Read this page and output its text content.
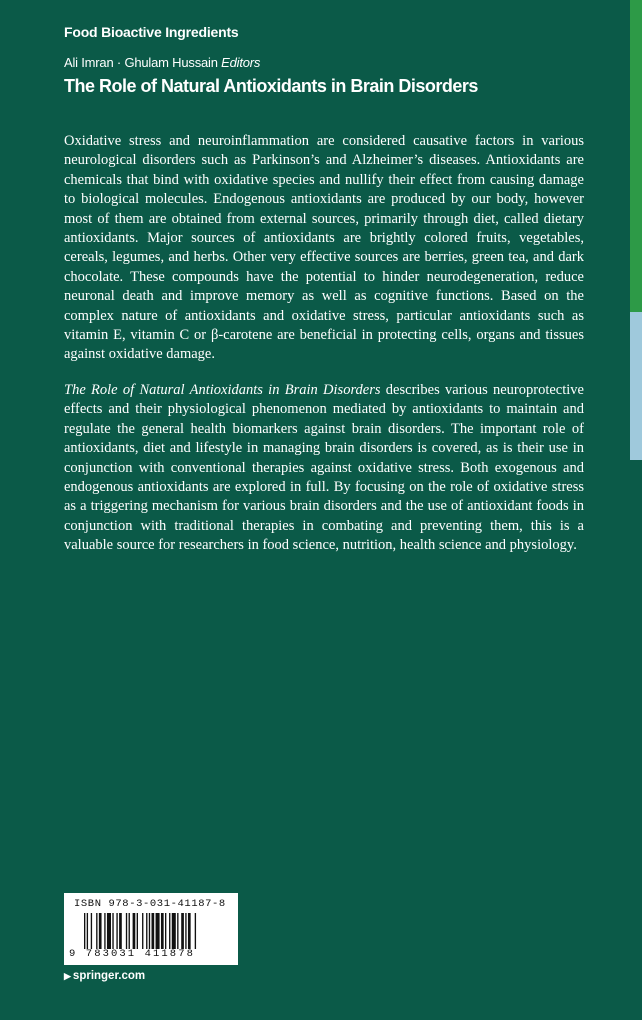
Food Bioactive Ingredients
Ali Imran · Ghulam Hussain Editors
The Role of Natural Antioxidants in Brain Disorders

Oxidative stress and neuroinflammation are considered causative factors in various neurological disorders such as Parkinson’s and Alzheimer’s diseases. Antioxidants are chemicals that bind with oxidative species and nullify their effect from causing damage to biological molecules. Endogenous antioxidants are produced by our body, however most of them are obtained from external sources, primarily through diet, called dietary antioxidants. Major sources of antioxidants are brightly colored fruits, vegetables, cereals, legumes, and herbs. Other very effective sources are berries, green tea, and dark chocolate. These compounds have the potential to hinder neurodegeneration, reduce neuronal death and improve memory as well as cognitive functions. Based on the complex nature of antioxidants and oxidative stress, particular antioxidants such as vitamin E, vitamin C or β-carotene are beneficial in protecting cells, organs and tissues against oxidative damage.

The Role of Natural Antioxidants in Brain Disorders describes various neuroprotective effects and their physiological phenomenon mediated by antioxidants to maintain and regulate the general health biomarkers against brain disorders. The important role of antioxidants, diet and lifestyle in managing brain disorders is covered, as is their use in conjunction with conventional therapies against oxidative stress. Both exogenous and endogenous antioxidants are explored in full. By focusing on the role of oxidative stress as a triggering mechanism for various brain disorders and the use of antioxidant foods in conjunction with traditional therapies in combating and preventing them, this is a valuable source for researchers in food science, nutrition, health science and physiology.

ISBN 978-3-031-41187-8
9 783031 411878
▶ springer.com
